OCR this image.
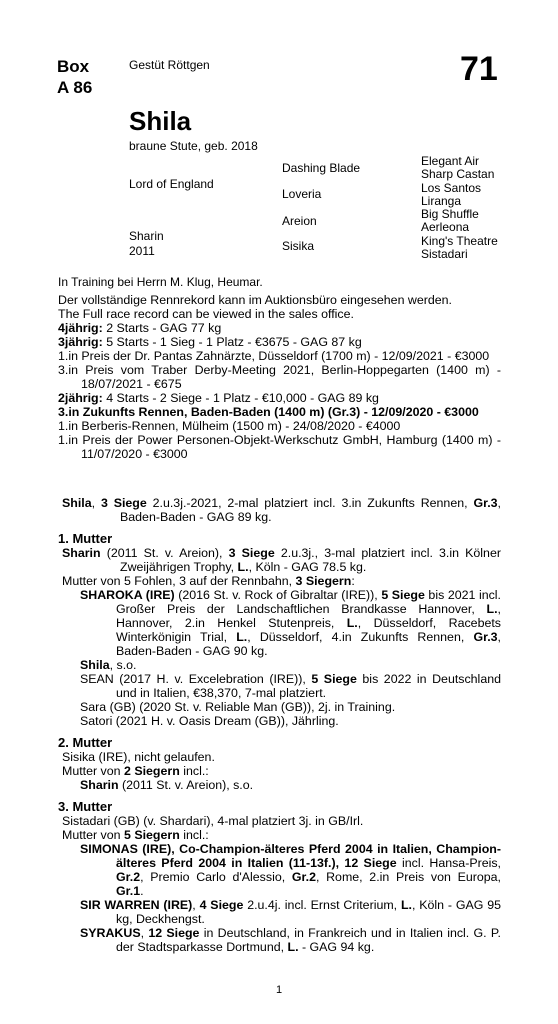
Box
A 86
Gestüt Röttgen	71
Shila
braune Stute, geb. 2018
Lord of England
Sharin
2011
Dashing Blade
Loveria
Areion
Sisika
Elegant Air
Sharp Castan
Los Santos
Liranga
Big Shuffle
Aerleona
King's Theatre
Sistadari
In Training bei Herrn M. Klug, Heumar.
Der vollständige Rennrekord kann im Auktionsbüro eingesehen werden.
The Full race record can be viewed in the sales office.
4jährig: 2 Starts - GAG 77 kg
3jährig: 5 Starts - 1 Sieg - 1 Platz - €3675 - GAG 87 kg
1.in Preis der Dr. Pantas Zahnärzte, Düsseldorf (1700 m) - 12/09/2021 - €3000
3.in Preis vom Traber Derby-Meeting 2021, Berlin-Hoppegarten (1400 m) - 18/07/2021 - €675
2jährig: 4 Starts - 2 Siege - 1 Platz - €10,000 - GAG 89 kg
3.in Zukunfts Rennen, Baden-Baden (1400 m) (Gr.3) - 12/09/2020 - €3000
1.in Berberis-Rennen, Mülheim (1500 m) - 24/08/2020 - €4000
1.in Preis der Power Personen-Objekt-Werkschutz GmbH, Hamburg (1400 m) - 11/07/2020 - €3000
Shila, 3 Siege 2.u.3j.-2021, 2-mal platziert incl. 3.in Zukunfts Rennen, Gr.3, Baden-Baden - GAG 89 kg.
1. Mutter
Sharin (2011 St. v. Areion), 3 Siege 2.u.3j., 3-mal platziert incl. 3.in Kölner Zweijährigen Trophy, L., Köln - GAG 78.5 kg.
Mutter von 5 Fohlen, 3 auf der Rennbahn, 3 Siegern:
SHAROKA (IRE) (2016 St. v. Rock of Gibraltar (IRE)), 5 Siege bis 2021 incl. Großer Preis der Landschaftlichen Brandkasse Hannover, L., Hannover, 2.in Henkel Stutenpreis, L., Düsseldorf, Racebets Winterkönigin Trial, L., Düsseldorf, 4.in Zukunfts Rennen, Gr.3, Baden-Baden - GAG 90 kg.
Shila, s.o.
SEAN (2017 H. v. Excelebration (IRE)), 5 Siege bis 2022 in Deutschland und in Italien, €38,370, 7-mal platziert.
Sara (GB) (2020 St. v. Reliable Man (GB)), 2j. in Training.
Satori (2021 H. v. Oasis Dream (GB)), Jährling.
2. Mutter
Sisika (IRE), nicht gelaufen.
Mutter von 2 Siegern incl.:
Sharin (2011 St. v. Areion), s.o.
3. Mutter
Sistadari (GB) (v. Shardari), 4-mal platziert 3j. in GB/Irl.
Mutter von 5 Siegern incl.:
SIMONAS (IRE), Co-Champion-älteres Pferd 2004 in Italien, Champion-älteres Pferd 2004 in Italien (11-13f.), 12 Siege incl. Hansa-Preis, Gr.2, Premio Carlo d'Alessio, Gr.2, Rome, 2.in Preis von Europa, Gr.1.
SIR WARREN (IRE), 4 Siege 2.u.4j. incl. Ernst Criterium, L., Köln - GAG 95 kg, Deckhengst.
SYRAKUS, 12 Siege in Deutschland, in Frankreich und in Italien incl. G. P. der Stadtsparkasse Dortmund, L. - GAG 94 kg.
1
